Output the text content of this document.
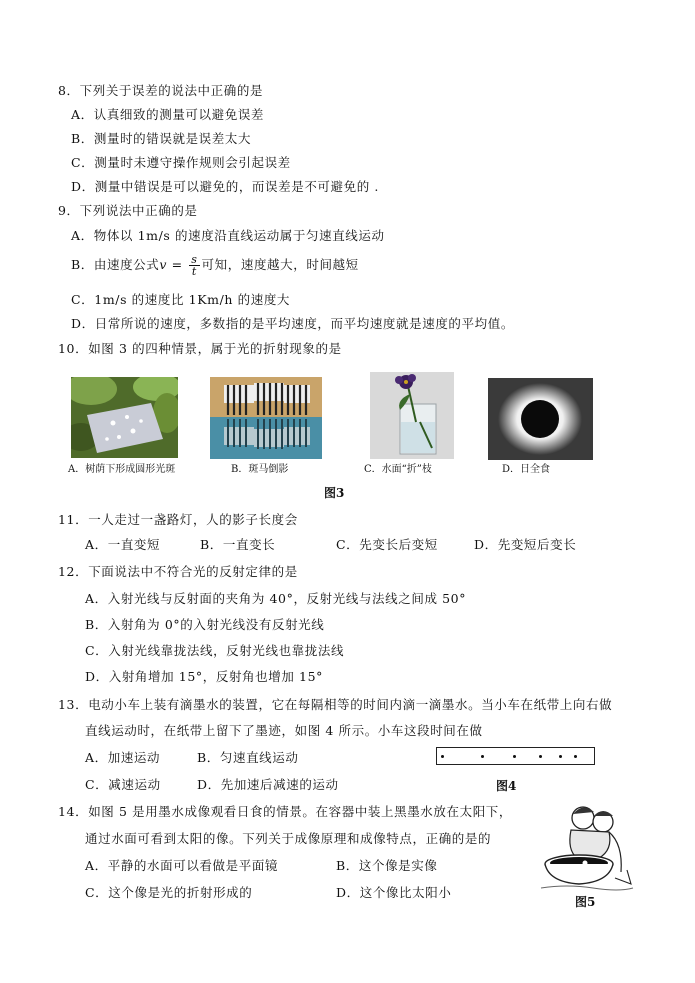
8．下列关于误差的说法中正确的是
A．认真细致的测量可以避免误差
B．测量时的错误就是误差太大
C．测量时未遵守操作规则会引起误差
D．测量中错误是可以避免的，而误差是不可避免的 .
9．下列说法中正确的是
A．物体以 1m/s 的速度沿直线运动属于匀速直线运动
B．由速度公式$v = \frac{s}{t}$ 可知，速度越大，时间越短
C．1m/s 的速度比 1Km/h 的速度大
D．日常所说的速度，多数指的是平均速度，而平均速度就是速度的平均值。
10．如图 3 的四种情景，属于光的折射现象的是
A．树荫下形成圆形光斑	B．斑马倒影	C．水面“折”枝	D．日全食
图3
11．一人走过一盏路灯，人的影子长度会
A．一直变短	B．一直变长	C．先变长后变短	D．先变短后变长
12．下面说法中不符合光的反射定律的是
A．入射光线与反射面的夹角为 40°，反射光线与法线之间成 50°
B．入射角为 0°的入射光线没有反射光线
C．入射光线靠拢法线，反射光线也靠拢法线
D．入射角增加 15°，反射角也增加 15°
13．电动小车上装有滴墨水的装置，它在每隔相等的时间内滴一滴墨水。当小车在纸带上向右做
直线运动时，在纸带上留下了墨迹，如图 4 所示。小车这段时间在做
A．加速运动	B．匀速直线运动
C．减速运动	D．先加速后减速的运动	图4
14．如图 5 是用墨水成像观看日食的情景。在容器中装上黑墨水放在太阳下，
通过水面可看到太阳的像。下列关于成像原理和成像特点，正确的是的
A．平静的水面可以看做是平面镜	B．这个像是实像
C．这个像是光的折射形成的	D．这个像比太阳小
图5
